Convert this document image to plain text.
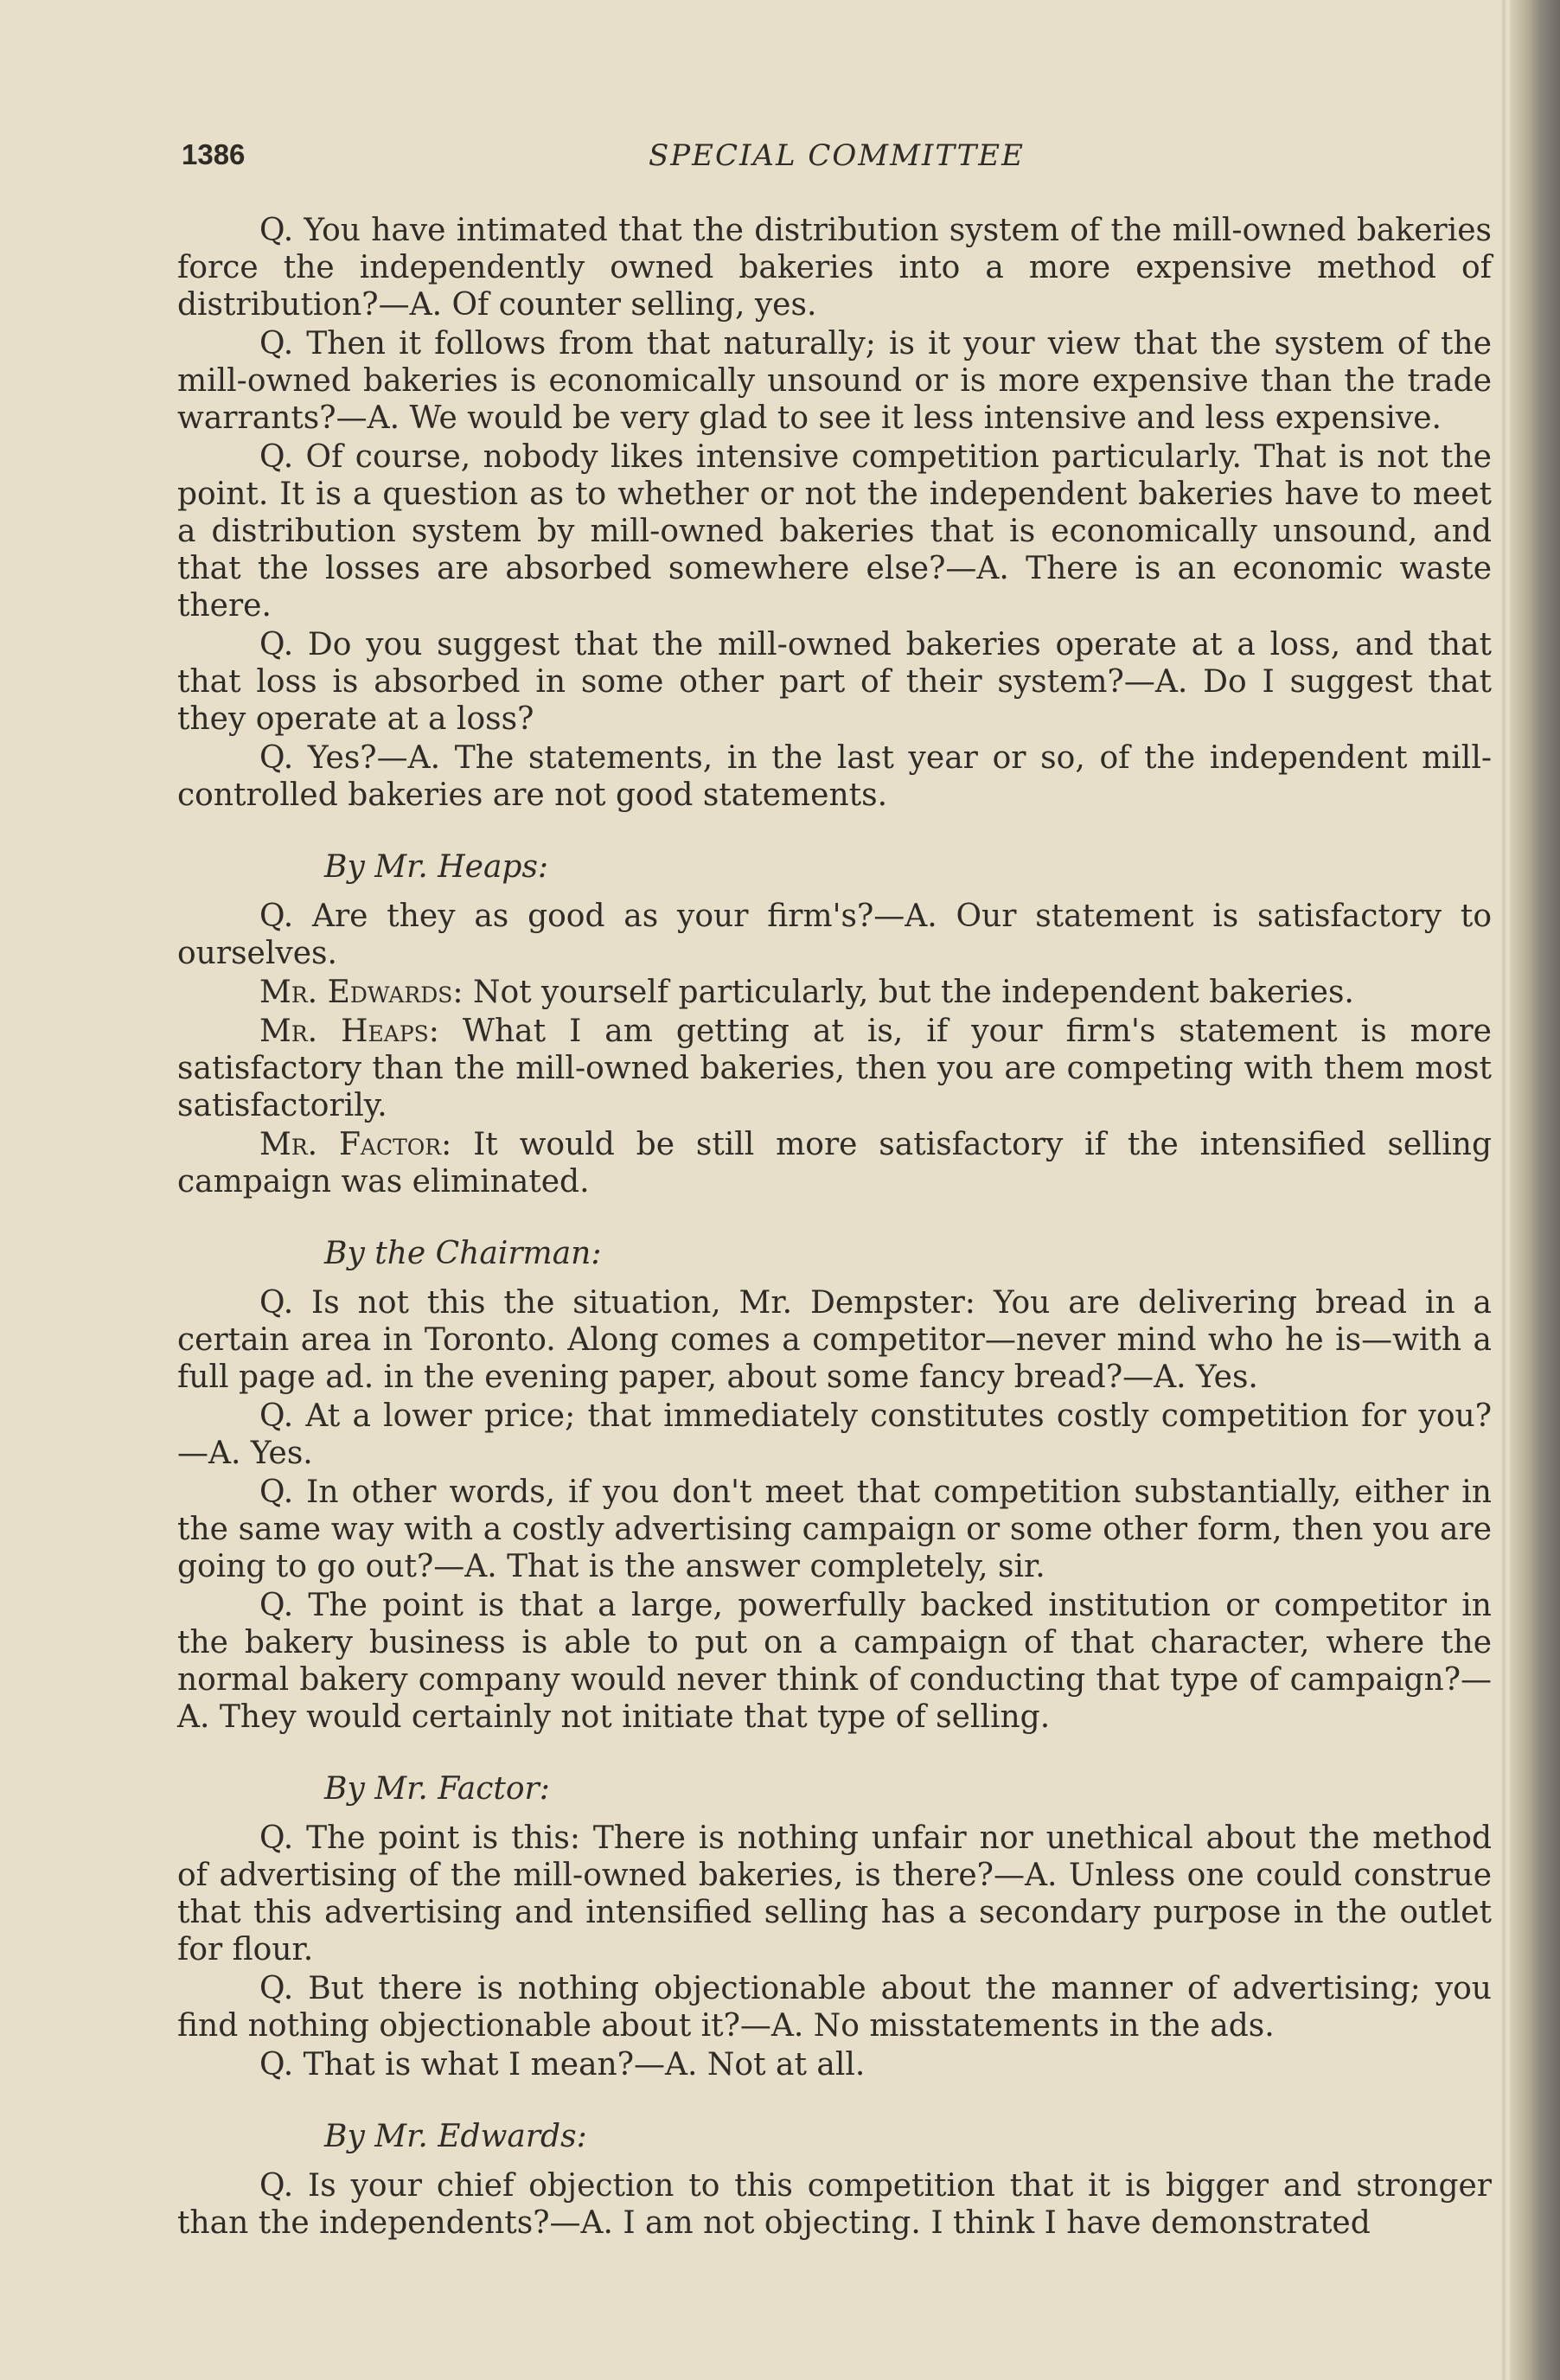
1386	SPECIAL COMMITTEE

Q. You have intimated that the distribution system of the mill-owned bakeries force the independently owned bakeries into a more expensive method of distribution?—A. Of counter selling, yes.

Q. Then it follows from that naturally; is it your view that the system of the mill-owned bakeries is economically unsound or is more expensive than the trade warrants?—A. We would be very glad to see it less intensive and less expensive.

Q. Of course, nobody likes intensive competition particularly. That is not the point. It is a question as to whether or not the independent bakeries have to meet a distribution system by mill-owned bakeries that is economically unsound, and that the losses are absorbed somewhere else?—A. There is an economic waste there.

Q. Do you suggest that the mill-owned bakeries operate at a loss, and that that loss is absorbed in some other part of their system?—A. Do I suggest that they operate at a loss?

Q. Yes?—A. The statements, in the last year or so, of the independent mill-controlled bakeries are not good statements.

By Mr. Heaps:

Q. Are they as good as your firm's?—A. Our statement is satisfactory to ourselves.

Mr. Edwards: Not yourself particularly, but the independent bakeries.

Mr. Heaps: What I am getting at is, if your firm's statement is more satisfactory than the mill-owned bakeries, then you are competing with them most satisfactorily.

Mr. Factor: It would be still more satisfactory if the intensified selling campaign was eliminated.

By the Chairman:

Q. Is not this the situation, Mr. Dempster: You are delivering bread in a certain area in Toronto. Along comes a competitor—never mind who he is—with a full page ad. in the evening paper, about some fancy bread?—A. Yes.

Q. At a lower price; that immediately constitutes costly competition for you?—A. Yes.

Q. In other words, if you don't meet that competition substantially, either in the same way with a costly advertising campaign or some other form, then you are going to go out?—A. That is the answer completely, sir.

Q. The point is that a large, powerfully backed institution or competitor in the bakery business is able to put on a campaign of that character, where the normal bakery company would never think of conducting that type of campaign?—A. They would certainly not initiate that type of selling.

By Mr. Factor:

Q. The point is this: There is nothing unfair nor unethical about the method of advertising of the mill-owned bakeries, is there?—A. Unless one could construe that this advertising and intensified selling has a secondary purpose in the outlet for flour.

Q. But there is nothing objectionable about the manner of advertising; you find nothing objectionable about it?—A. No misstatements in the ads.

Q. That is what I mean?—A. Not at all.

By Mr. Edwards:

Q. Is your chief objection to this competition that it is bigger and stronger than the independents?—A. I am not objecting. I think I have demonstrated
